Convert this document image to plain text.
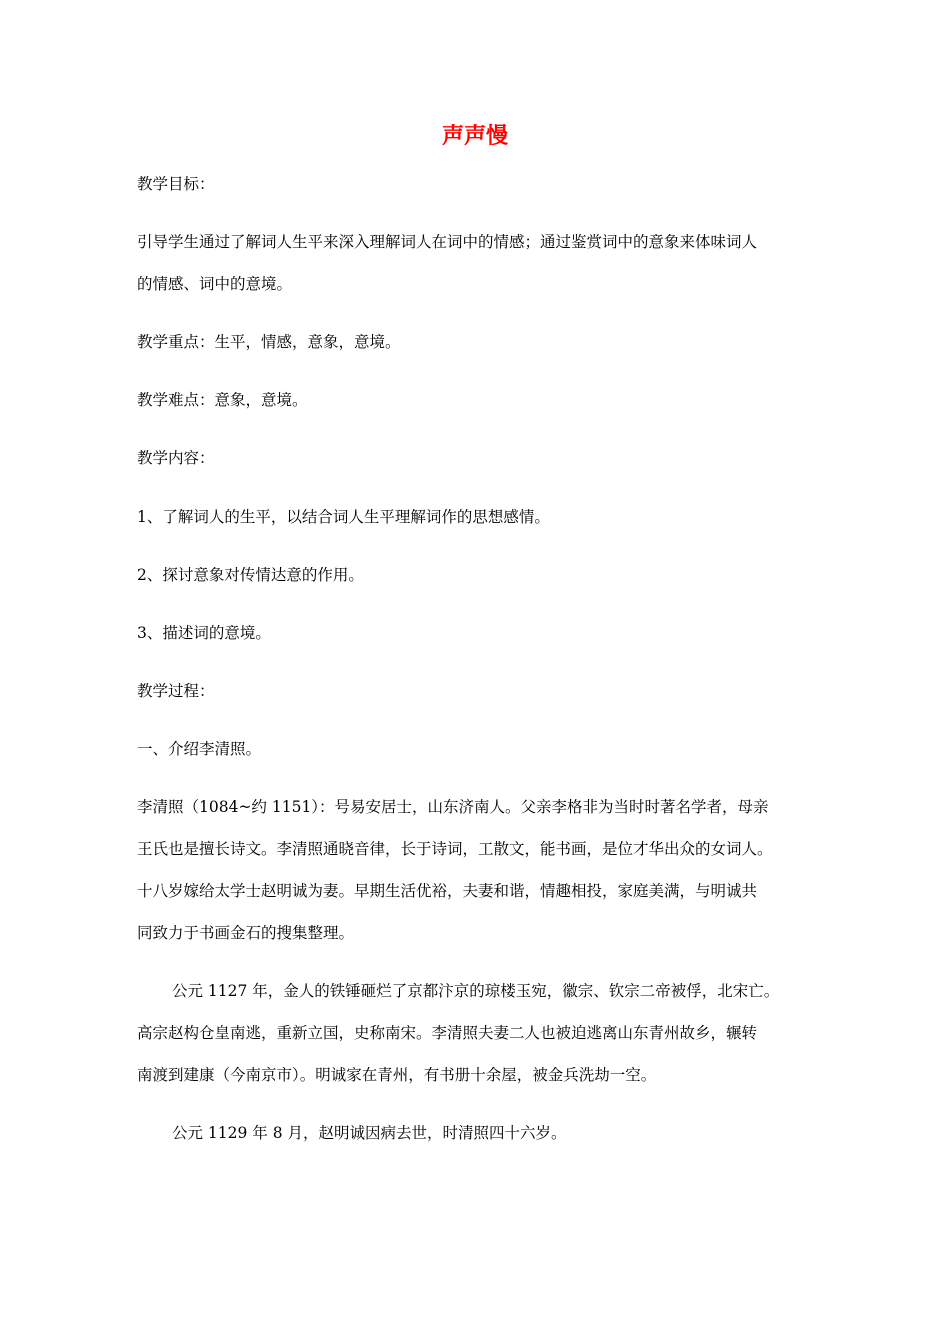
声声慢
教学目标：
引导学生通过了解词人生平来深入理解词人在词中的情感；通过鉴赏词中的意象来体味词人
的情感、词中的意境。
教学重点：生平，情感，意象，意境。
教学难点：意象，意境。
教学内容：
1、了解词人的生平，以结合词人生平理解词作的思想感情。
2、探讨意象对传情达意的作用。
3、描述词的意境。
教学过程：
一、介绍李清照。
李清照（1084~约 1151）：号易安居士，山东济南人。父亲李格非为当时时著名学者，母亲
王氏也是擅长诗文。李清照通晓音律，长于诗词，工散文，能书画，是位才华出众的女词人。
十八岁嫁给太学士赵明诚为妻。早期生活优裕，夫妻和谐，情趣相投，家庭美满，与明诚共
同致力于书画金石的搜集整理。
公元 1127 年，金人的铁锤砸烂了京都汴京的琼楼玉宛，徽宗、钦宗二帝被俘，北宋亡。
高宗赵构仓皇南逃，重新立国，史称南宋。李清照夫妻二人也被迫逃离山东青州故乡，辗转
南渡到建康（今南京市）。明诚家在青州，有书册十余屋，被金兵洗劫一空。
公元 1129 年 8 月，赵明诚因病去世，时清照四十六岁。
